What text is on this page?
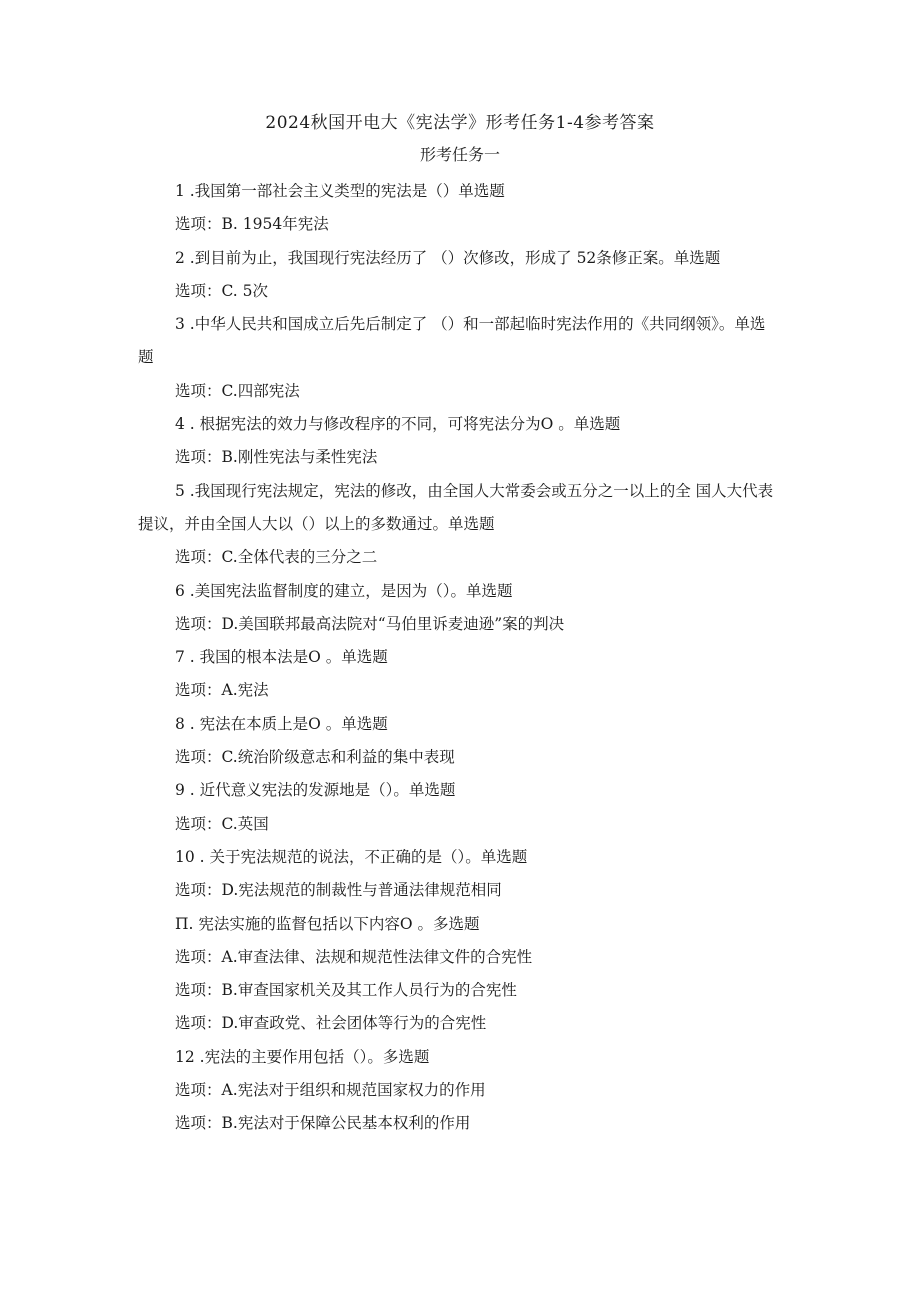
2024秋国开电大《宪法学》形考任务1-4参考答案
形考任务一
1 .我国第一部社会主义类型的宪法是（）单选题
选项：B. 1954年宪法
2 .到目前为止，我国现行宪法经历了 （）次修改，形成了 52条修正案。单选题
选项：C. 5次
3 .中华人民共和国成立后先后制定了 （）和一部起临时宪法作用的《共同纲领》。单选题
选项：C.四部宪法
4 . 根据宪法的效力与修改程序的不同，可将宪法分为O 。单选题
选项：B.刚性宪法与柔性宪法
5 .我国现行宪法规定，宪法的修改，由全国人大常委会或五分之一以上的全 国人大代表提议，并由全国人大以（）以上的多数通过。单选题
选项：C.全体代表的三分之二
6 .美国宪法监督制度的建立，是因为（）。单选题
选项：D.美国联邦最高法院对“马伯里诉麦迪逊”案的判决
7 . 我国的根本法是O 。单选题
选项：A.宪法
8 . 宪法在本质上是O 。单选题
选项：C.统治阶级意志和利益的集中表现
9 . 近代意义宪法的发源地是（）。单选题
选项：C.英国
10 . 关于宪法规范的说法，不正确的是（）。单选题
选项：D.宪法规范的制裁性与普通法律规范相同
П. 宪法实施的监督包括以下内容O 。多选题
选项：A.审查法律、法规和规范性法律文件的合宪性
选项：B.审查国家机关及其工作人员行为的合宪性
选项：D.审查政党、社会团体等行为的合宪性
12 .宪法的主要作用包括（）。多选题
选项：A.宪法对于组织和规范国家权力的作用
选项：B.宪法对于保障公民基本权利的作用
